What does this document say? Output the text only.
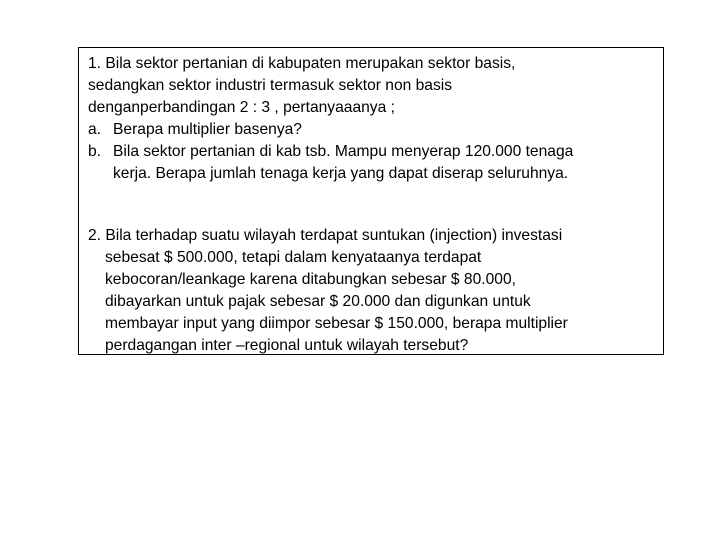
1. Bila sektor pertanian di kabupaten merupakan sektor basis,
sedangkan sektor industri termasuk sektor non basis
denganperbandingan 2 : 3 , pertanyaaanya ;
a. Berapa multiplier basenya?
b. Bila sektor pertanian di kab tsb. Mampu menyerap 120.000 tenaga
kerja. Berapa jumlah tenaga kerja yang dapat diserap seluruhnya.
2. Bila terhadap suatu wilayah terdapat suntukan (injection) investasi
sebesat $ 500.000, tetapi dalam kenyataanya terdapat
kebocoran/leankage karena ditabungkan sebesar $ 80.000,
dibayarkan untuk pajak sebesar $ 20.000 dan digunkan untuk
membayar input yang diimpor sebesar $ 150.000, berapa multiplier
perdagangan inter –regional untuk wilayah tersebut?
